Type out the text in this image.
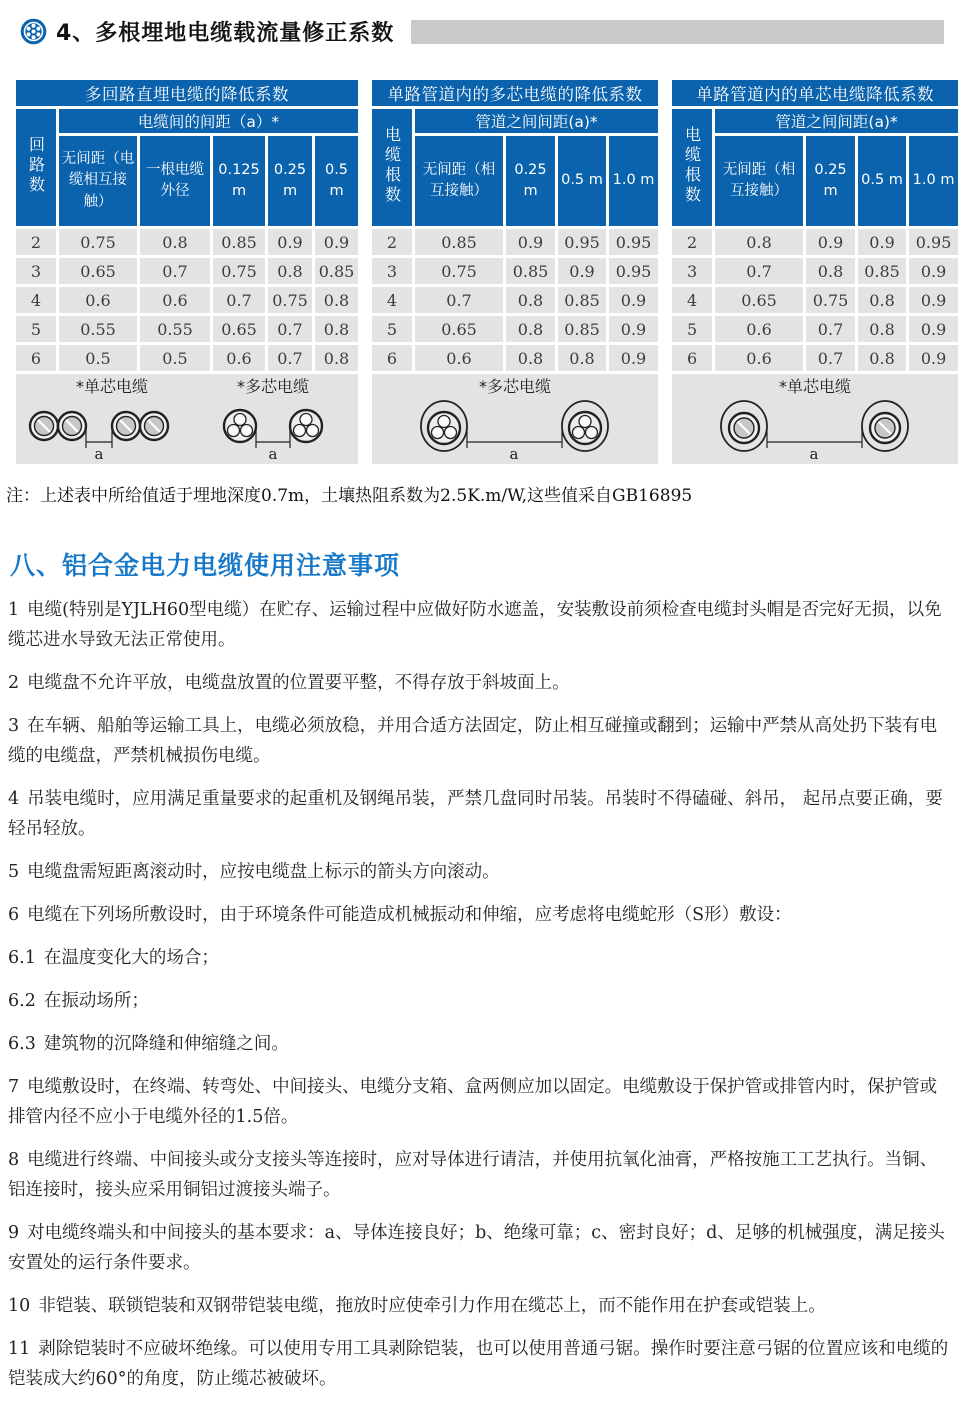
4、多根埋地电缆载流量修正系数
多回路直埋电缆的降低系数					
回路数	电缆间的间距（a）*				
	无间距（电缆相互接触）	一根电缆外径	0.125 m	0.25 m	0.5 m
2	0.75	0.8	0.85	0.9	0.9
3	0.65	0.7	0.75	0.8	0.85
4	0.6	0.6	0.7	0.75	0.8
5	0.55	0.55	0.65	0.7	0.8
6	0.5	0.5	0.6	0.7	0.8

*单芯电缆
a
*多芯电缆
a					
单路管道内的多芯电缆的降低系数				
电缆根数	管道之间间距(a)*			
	无间距（相互接触）	0.25 m	0.5 m	1.0 m
2	0.85	0.9	0.95	0.95
3	0.75	0.85	0.9	0.95
4	0.7	0.8	0.85	0.9
5	0.65	0.8	0.85	0.9
6	0.6	0.8	0.8	0.9

*多芯电缆
a				
单路管道内的单芯电缆降低系数				
电缆根数	管道之间间距(a)*			
	无间距（相互接触）	0.25 m	0.5 m	1.0 m
2	0.8	0.9	0.9	0.95
3	0.7	0.8	0.85	0.9
4	0.65	0.75	0.8	0.9
5	0.6	0.7	0.8	0.9
6	0.6	0.7	0.8	0.9

*单芯电缆
a				
注：上述表中所给值适于埋地深度0.7m，土壤热阻系数为2.5K.m/W,这些值采自GB16895
八、铝合金电力电缆使用注意事项

1 电缆(特别是YJLH60型电缆）在贮存、运输过程中应做好防水遮盖，安装敷设前须检查电缆封头帽是否完好无损，以免缆芯进水导致无法正常使用。

2 电缆盘不允许平放，电缆盘放置的位置要平整，不得存放于斜坡面上。

3 在车辆、船舶等运输工具上，电缆必须放稳，并用合适方法固定，防止相互碰撞或翻到；运输中严禁从高处扔下装有电缆的电缆盘，严禁机械损伤电缆。

4 吊装电缆时，应用满足重量要求的起重机及钢绳吊装，严禁几盘同时吊装。吊装时不得磕碰、斜吊， 起吊点要正确，要轻吊轻放。

5 电缆盘需短距离滚动时，应按电缆盘上标示的箭头方向滚动。

6 电缆在下列场所敷设时，由于环境条件可能造成机械振动和伸缩，应考虑将电缆蛇形（S形）敷设：

6.1 在温度变化大的场合；

6.2 在振动场所；

6.3 建筑物的沉降缝和伸缩缝之间。

7 电缆敷设时，在终端、转弯处、中间接头、电缆分支箱、盒两侧应加以固定。电缆敷设于保护管或排管内时，保护管或排管内径不应小于电缆外径的1.5倍。

8 电缆进行终端、中间接头或分支接头等连接时，应对导体进行请洁，并使用抗氧化油膏，严格按施工工艺执行。当铜、铝连接时，接头应采用铜铝过渡接头端子。

9 对电缆终端头和中间接头的基本要求：a、导体连接良好；b、绝缘可靠；c、密封良好；d、足够的机械强度，满足接头安置处的运行条件要求。

10 非铠装、联锁铠装和双钢带铠装电缆，拖放时应使牵引力作用在缆芯上，而不能作用在护套或铠装上。

11 剥除铠装时不应破坏绝缘。可以使用专用工具剥除铠装，也可以使用普通弓锯。操作时要注意弓锯的位置应该和电缆的铠装成大约60°的角度，防止缆芯被破坏。
